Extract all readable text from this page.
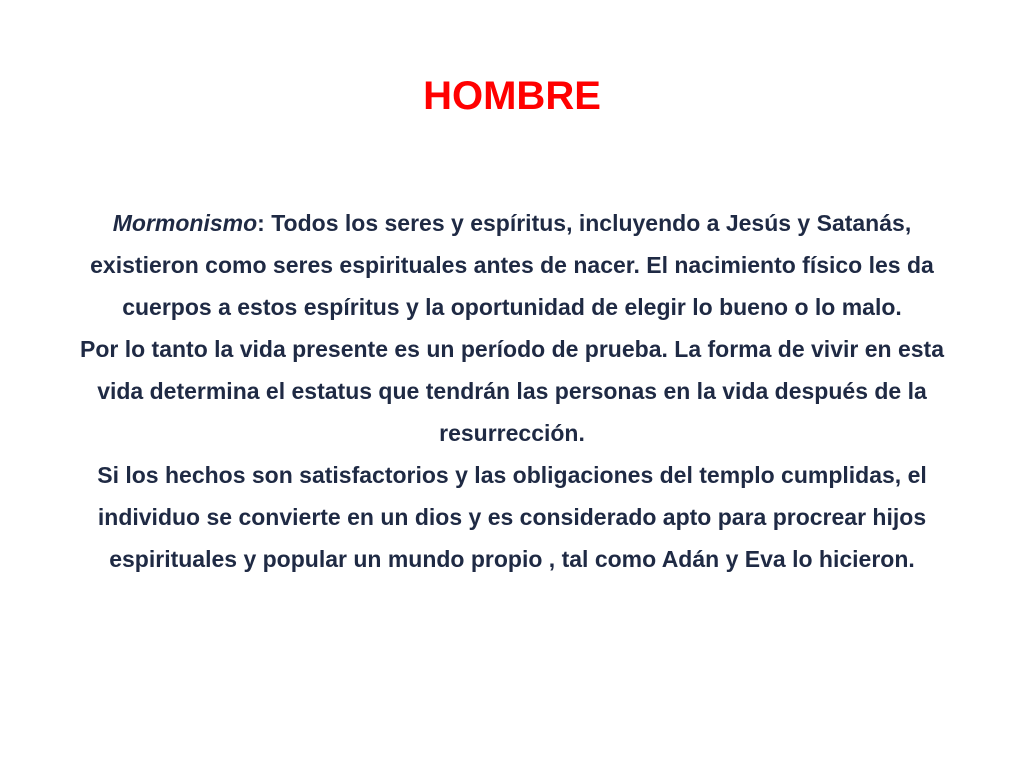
HOMBRE

Mormonismo: Todos los seres y espíritus, incluyendo a Jesús y Satanás, existieron como seres espirituales antes de nacer. El nacimiento físico les da cuerpos a estos espíritus y la oportunidad de elegir lo bueno o lo malo.

Por lo tanto la vida presente es un período de prueba. La forma de vivir en esta vida determina el estatus que tendrán las personas en la vida después de la resurrección.

Si los hechos son satisfactorios y las obligaciones del templo cumplidas, el individuo se convierte en un dios y es considerado apto para procrear hijos espirituales y popular un mundo propio , tal como Adán y Eva lo hicieron.
